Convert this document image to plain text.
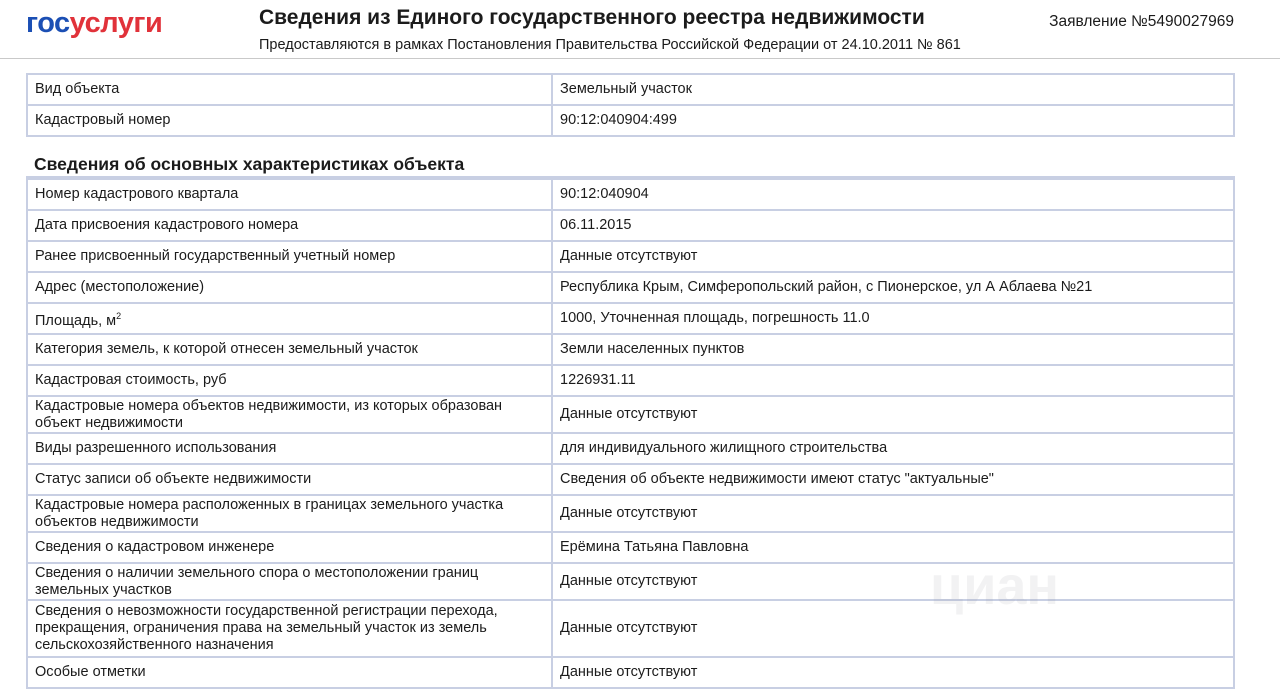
госуслуги	Сведения из Единого государственного реестра недвижимости
Предоставляются в рамках Постановления Правительства Российской Федерации от 24.10.2011 № 861
Заявление №5490027969
Вид объекта	Земельный участок
Кадастровый номер	90:12:040904:499
Сведения об основных характеристиках объекта
Номер кадастрового квартала	90:12:040904
Дата присвоения кадастрового номера	06.11.2015
Ранее присвоенный государственный учетный номер	Данные отсутствуют
Адрес (местоположение)	Республика Крым, Симферопольский район, с Пионерское, ул А Аблаева №21
Площадь, $м^2$	1000, Уточненная площадь, погрешность 11.0
Категория земель, к которой отнесен земельный участок	Земли населенных пунктов
Кадастровая стоимость, руб	1226931.11
Кадастровые номера объектов недвижимости, из которых образован объект недвижимости	Данные отсутствуют
Виды разрешенного использования	для индивидуального жилищного строительства
Статус записи об объекте недвижимости	Сведения об объекте недвижимости имеют статус "актуальные"
Кадастровые номера расположенных в границах земельного участка объектов недвижимости	Данные отсутствуют
Сведения о кадастровом инженере	Ерёмина Татьяна Павловна
Сведения о наличии земельного спора о местоположении границ земельных участков	Данные отсутствуют
Сведения о невозможности государственной регистрации перехода, прекращения, ограничения права на земельный участок из земель сельскохозяйственного назначения	Данные отсутствуют
Особые отметки	Данные отсутствуют
циан
